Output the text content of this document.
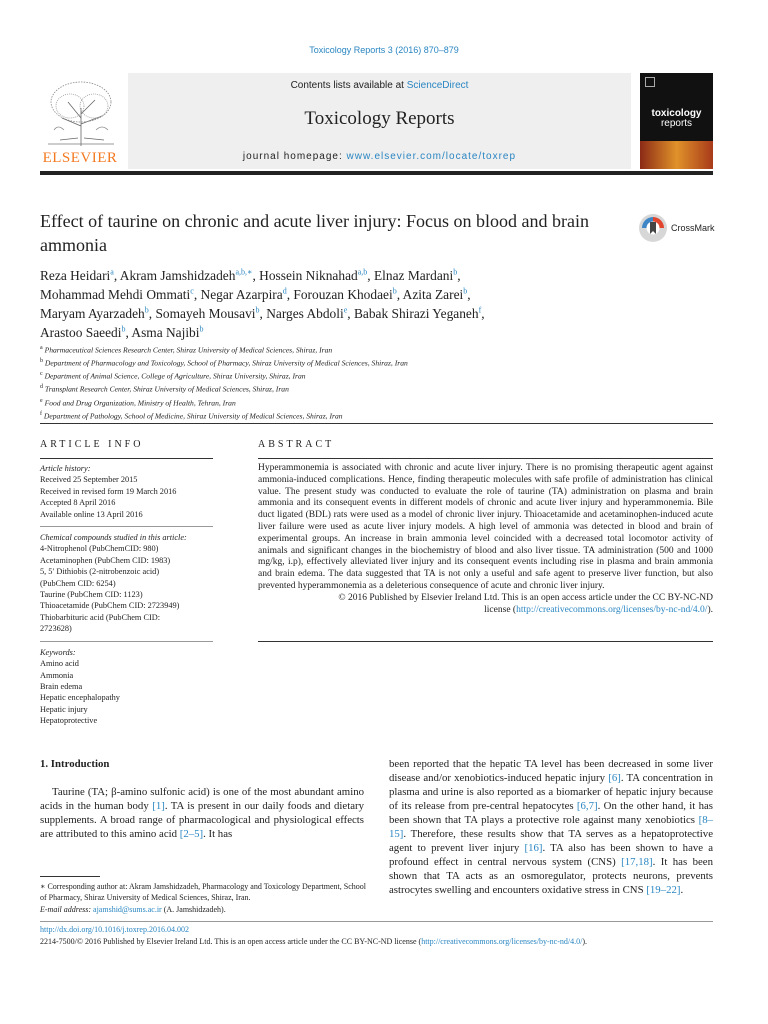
Toxicology Reports 3 (2016) 870–879
ELSEVIER
Contents lists available at ScienceDirect
Toxicology Reports
journal homepage: www.elsevier.com/locate/toxrep
toxicology
reports
Effect of taurine on chronic and acute liver injury: Focus on blood and brain ammonia
CrossMark
Reza Heidari$^a$, Akram Jamshidzadeh$^{a,b,∗}$, Hossein Niknahad$^{a,b}$, Elnaz Mardani$^b$,
Mohammad Mehdi Ommati$^c$, Negar Azarpira$^d$, Forouzan Khodaei$^b$, Azita Zarei$^b$,
Maryam Ayarzadeh$^b$, Somayeh Mousavi$^b$, Narges Abdoli$^e$, Babak Shirazi Yeganeh$^f$,
Arastoo Saeedi$^b$, Asma Najibi$^b$
$^a$ Pharmaceutical Sciences Research Center, Shiraz University of Medical Sciences, Shiraz, Iran
$^b$ Department of Pharmacology and Toxicology, School of Pharmacy, Shiraz University of Medical Sciences, Shiraz, Iran
$^c$ Department of Animal Science, College of Agriculture, Shiraz University, Shiraz, Iran
$^d$ Transplant Research Center, Shiraz University of Medical Sciences, Shiraz, Iran
$^e$ Food and Drug Organization, Ministry of Health, Tehran, Iran
$^f$ Department of Pathology, School of Medicine, Shiraz University of Medical Sciences, Shiraz, Iran
ARTICLE INFO	ABSTRACT
Article history:
Received 25 September 2015
Received in revised form 19 March 2016
Accepted 8 April 2016
Available online 13 April 2016
Chemical compounds studied in this article:
4-Nitrophenol (PubChemCID: 980)
Acetaminophen (PubChem CID: 1983)
5, 5′ Dithiobis (2-nitrobenzoic acid)
(PubChem CID: 6254)
Taurine (PubChem CID: 1123)
Thioacetamide (PubChem CID: 2723949)
Thiobarbituric acid (PubChem CID:
2723628)
Keywords:
Amino acid
Ammonia
Brain edema
Hepatic encephalopathy
Hepatic injury
Hepatoprotective
Hyperammonemia is associated with chronic and acute liver injury. There is no promising therapeutic agent against ammonia-induced complications. Hence, finding therapeutic molecules with safe profile of administration has clinical value. The present study was conducted to evaluate the role of taurine (TA) administration on plasma and brain ammonia and its consequent events in different models of chronic and acute liver injury and hyperammonemia. Bile duct ligated (BDL) rats were used as a model of chronic liver injury. Thioacetamide and acetaminophen-induced acute liver failure were used as acute liver injury models. A high level of ammonia was detected in blood and brain of experimental groups. An increase in brain ammonia level coincided with a decreased total locomotor activity of animals and significant changes in the biochemistry of blood and also liver tissue. TA administration (500 and 1000 mg/kg, i.p), effectively alleviated liver injury and its consequent events including rise in plasma and brain ammonia and brain edema. The data suggested that TA is not only a useful and safe agent to preserve liver function, but also prevented hyperammonemia as a deleterious consequence of acute and chronic liver injury.
© 2016 Published by Elsevier Ireland Ltd. This is an open access article under the CC BY-NC-ND
license (http://creativecommons.org/licenses/by-nc-nd/4.0/).
1. Introduction
Taurine (TA; β-amino sulfonic acid) is one of the most abundant amino acids in the human body [1]. TA is present in our daily foods and dietary supplements. A broad range of pharmacological and physiological effects are attributed to this amino acid [2–5]. It has
been reported that the hepatic TA level has been decreased in some liver disease and/or xenobiotics-induced hepatic injury [6]. TA concentration in plasma and urine is also reported as a biomarker of hepatic injury because of its release from pre-central hepatocytes [6,7]. On the other hand, it has been shown that TA plays a protective role against many xenobiotics [8–15]. Therefore, these results show that TA serves as a hepatoprotective agent to prevent liver injury [16]. TA also has been shown to have a profound effect in central nervous system (CNS) [17,18]. It has been shown that TA acts as an osmoregulator, protects neurons, prevents astrocytes swelling and encounters oxidative stress in CNS [19–22].
∗ Corresponding author at: Akram Jamshidzadeh, Pharmacology and Toxicology Department, School of Pharmacy, Shiraz University of Medical Sciences, Shiraz, Iran.
E-mail address: ajamshid@sums.ac.ir (A. Jamshidzadeh).
http://dx.doi.org/10.1016/j.toxrep.2016.04.002
2214-7500/© 2016 Published by Elsevier Ireland Ltd. This is an open access article under the CC BY-NC-ND license (http://creativecommons.org/licenses/by-nc-nd/4.0/).
